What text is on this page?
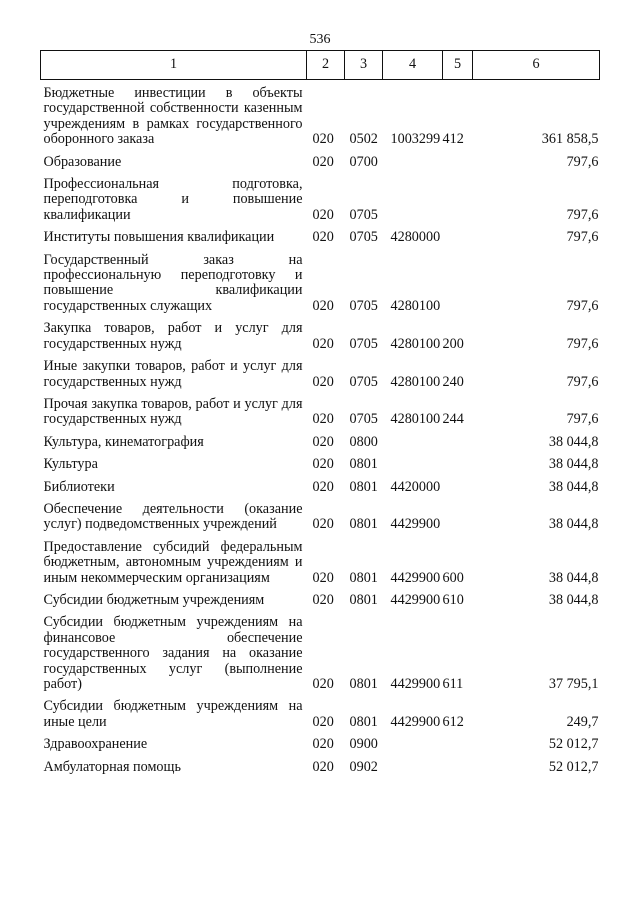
536
1	2	3	4	5	6
Бюджетные инвестиции в объекты государственной собственности казенным учреждениям в рамках государственного оборонного заказа	020	0502	1003299	412	361 858,5
Образование	020	0700			797,6
Профессиональная подготовка, переподготовка и повышение квалификации	020	0705			797,6
Институты повышения квалификации	020	0705	4280000		797,6
Государственный заказ на профессиональную переподготовку и повышение квалификации государственных служащих	020	0705	4280100		797,6
Закупка товаров, работ и услуг для государственных нужд	020	0705	4280100	200	797,6
Иные закупки товаров, работ и услуг для государственных нужд	020	0705	4280100	240	797,6
Прочая закупка товаров, работ и услуг для государственных нужд	020	0705	4280100	244	797,6
Культура, кинематография	020	0800			38 044,8
Культура	020	0801			38 044,8
Библиотеки	020	0801	4420000		38 044,8
Обеспечение деятельности (оказание услуг) подведомственных учреждений	020	0801	4429900		38 044,8
Предоставление субсидий федеральным бюджетным, автономным учреждениям и иным некоммерческим организациям	020	0801	4429900	600	38 044,8
Субсидии бюджетным учреждениям	020	0801	4429900	610	38 044,8
Субсидии бюджетным учреждениям на финансовое обеспечение государственного задания на оказание государственных услуг (выполнение работ)	020	0801	4429900	611	37 795,1
Субсидии бюджетным учреждениям на иные цели	020	0801	4429900	612	249,7
Здравоохранение	020	0900			52 012,7
Амбулаторная помощь	020	0902			52 012,7
